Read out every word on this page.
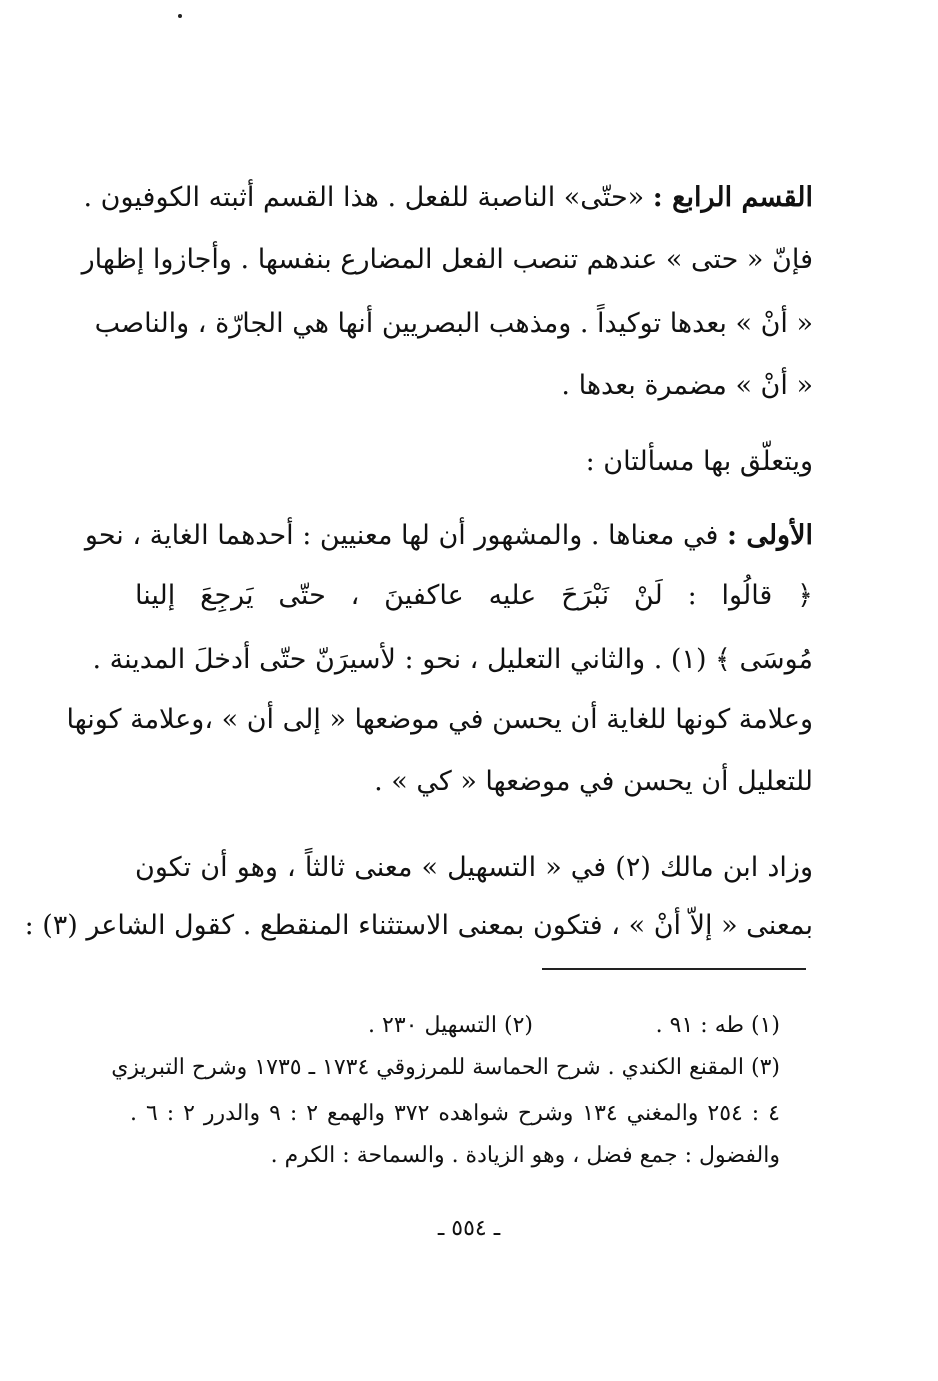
القسم الرابع : «حتّى» الناصبة للفعل . هذا القسم أثبته الكوفيون .
فإنّ « حتى » عندهم تنصب الفعل المضارع بنفسها . وأجازوا إظهار
« أنْ » بعدها توكيداً . ومذهب البصريين أنها هي الجارّة ، والناصب
« أنْ » مضمرة بعدها .
ويتعلّق بها مسألتان :
الأولى : في معناها . والمشهور أن لها معنيين : أحدهما الغاية ، نحو
﴿ قالُوا : لَنْ نَبْرَحَ عليه عاكفينَ ، حتّى يَرجِعَ إلينا
مُوسَى ﴾ (١) . والثاني التعليل ، نحو : لأسيرَنّ حتّى أدخلَ المدينة .
وعلامة كونها للغاية أن يحسن في موضعها « إلى أن » ،وعلامة كونها
للتعليل أن يحسن في موضعها « كي » .
وزاد ابن مالك (٢) في « التسهيل » معنى ثالثاً ، وهو أن تكون
بمعنى « إلاّ أنْ » ، فتكون بمعنى الاستثناء المنقطع . كقول الشاعر (٣) :
(١) طه : ٩١ .
(٢) التسهيل ٢٣٠ .
(٣) المقنع الكندي . شرح الحماسة للمرزوقي ١٧٣٤ ـ ١٧٣٥ وشرح التبريزي
٤ : ٢٥٤ والمغني ١٣٤ وشرح شواهده ٣٧٢ والهمع ٢ : ٩ والدرر ٢ : ٦ .
والفضول : جمع فضل ، وهو الزيادة . والسماحة : الكرم .
ـ ٥٥٤ ـ
